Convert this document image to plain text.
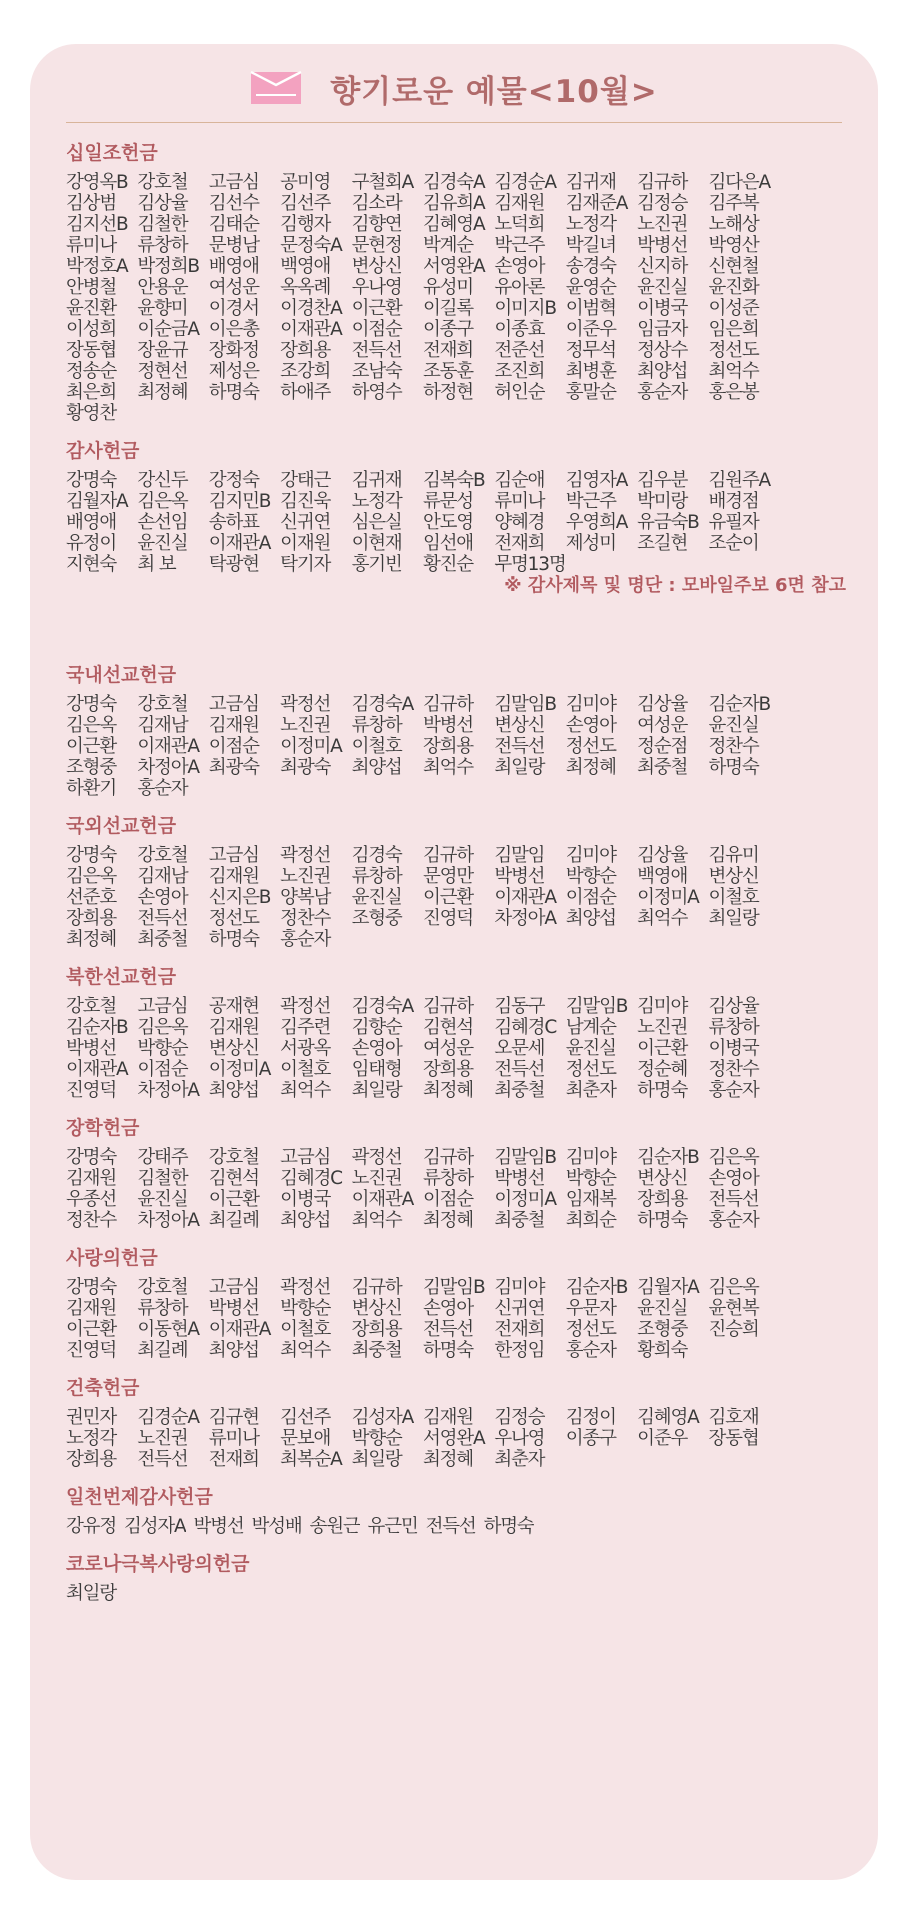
향기로운 예물<10월>
십일조헌금
강영옥B 강호철	고금심	공미영	구철회A 김경숙A 김경순A 김귀재	김규하	김다은A
김상범	김상율	김선수	김선주	김소라	김유희A 김재원	김재준A 김정승	김주복
김지선B 김철한	김태순	김행자	김향연	김혜영A 노덕희	노정각	노진권	노해상
류미나	류창하	문병남	문정숙A 문현정	박계순	박근주	박길녀	박병선	박영산
박정호A 박정희B 배영애	백영애	변상신	서영완A 손영아	송경숙	신지하	신현철
안병철	안용운	여성운	옥옥례	우나영	유성미	유아론	윤영순	윤진실	윤진화
윤진환	윤향미	이경서	이경찬A 이근환	이길록	이미지B 이범혁	이병국	이성준
이성희	이순금A 이은총	이재관A 이점순	이종구	이종효	이준우	임금자	임은희
장동협	장윤규	장화정	장희용	전득선	전재희	전준선	정무석	정상수	정선도
정송순	정현선	제성은	조강희	조남숙	조동훈	조진희	최병훈	최양섭	최억수
최은희	최정혜	하명숙	하애주	하영수	하정현	허인순	홍말순	홍순자	홍은봉
황영찬
감사헌금
강명숙	강신두	강정숙	강태근	김귀재	김복숙B 김순애	김영자A 김우분	김원주A
김월자A 김은옥	김지민B 김진욱	노정각	류문성	류미나	박근주	박미랑	배경점
배영애	손선임	송하표	신귀연	심은실	안도영	양혜경	우영희A 유금숙B 유필자
유정이	윤진실	이재관A 이재원	이현재	임선애	전재희	제성미	조길현	조순이
지현숙	최 보	탁광현	탁기자	홍기빈	황진순	무명13명
※ 감사제목 및 명단 : 모바일주보 6면 참고
국내선교헌금
강명숙	강호철	고금심	곽정선	김경숙A 김규하	김말임B 김미야	김상율	김순자B
김은옥	김재남	김재원	노진권	류창하	박병선	변상신	손영아	여성운	윤진실
이근환	이재관A 이점순	이정미A 이철호	장희용	전득선	정선도	정순점	정찬수
조형중	차정아A 최광숙	최광숙	최양섭	최억수	최일랑	최정혜	최중철	하명숙
하환기	홍순자
국외선교헌금
강명숙	강호철	고금심	곽정선	김경숙	김규하	김말임	김미야	김상율	김유미
김은옥	김재남	김재원	노진권	류창하	문영만	박병선	박향순	백영애	변상신
선준호	손영아	신지은B 양복남	윤진실	이근환	이재관A 이점순	이정미A 이철호
장희용	전득선	정선도	정찬수	조형중	진영덕	차정아A 최양섭	최억수	최일랑
최정혜	최중철	하명숙	홍순자
북한선교헌금
강호철	고금심	공재현	곽정선	김경숙A 김규하	김동구	김말임B 김미야	김상율
김순자B 김은옥	김재원	김주련	김향순	김현석	김혜경C 남계순	노진권	류창하
박병선	박향순	변상신	서광옥	손영아	여성운	오문세	윤진실	이근환	이병국
이재관A 이점순	이정미A 이철호	임태형	장희용	전득선	정선도	정순혜	정찬수
진영덕	차정아A 최양섭	최억수	최일랑	최정혜	최중철	최춘자	하명숙	홍순자
장학헌금
강명숙	강태주	강호철	고금심	곽정선	김규하	김말임B 김미야	김순자B 김은옥
김재원	김철한	김현석	김혜경C 노진권	류창하	박병선	박향순	변상신	손영아
우종선	윤진실	이근환	이병국	이재관A 이점순	이정미A 임재복	장희용	전득선
정찬수	차정아A 최길례	최양섭	최억수	최정혜	최중철	최희순	하명숙	홍순자
사랑의헌금
강명숙	강호철	고금심	곽정선	김규하	김말임B 김미야	김순자B 김월자A 김은옥
김재원	류창하	박병선	박향순	변상신	손영아	신귀연	우문자	윤진실	윤현복
이근환	이동현A 이재관A 이철호	장희용	전득선	전재희	정선도	조형중	진승희
진영덕	최길례	최양섭	최억수	최중철	하명숙	한정임	홍순자	황희숙
건축헌금
권민자	김경순A 김규현	김선주	김성자A 김재원	김정승	김정이	김혜영A 김호재
노정각	노진권	류미나	문보애	박향순	서영완A 우나영	이종구	이준우	장동협
장희용	전득선	전재희	최복순A 최일랑	최정혜	최춘자
일천번제감사헌금
강유정 김성자A 박병선 박성배 송원근 유근민 전득선 하명숙
코로나극복사랑의헌금
최일랑
